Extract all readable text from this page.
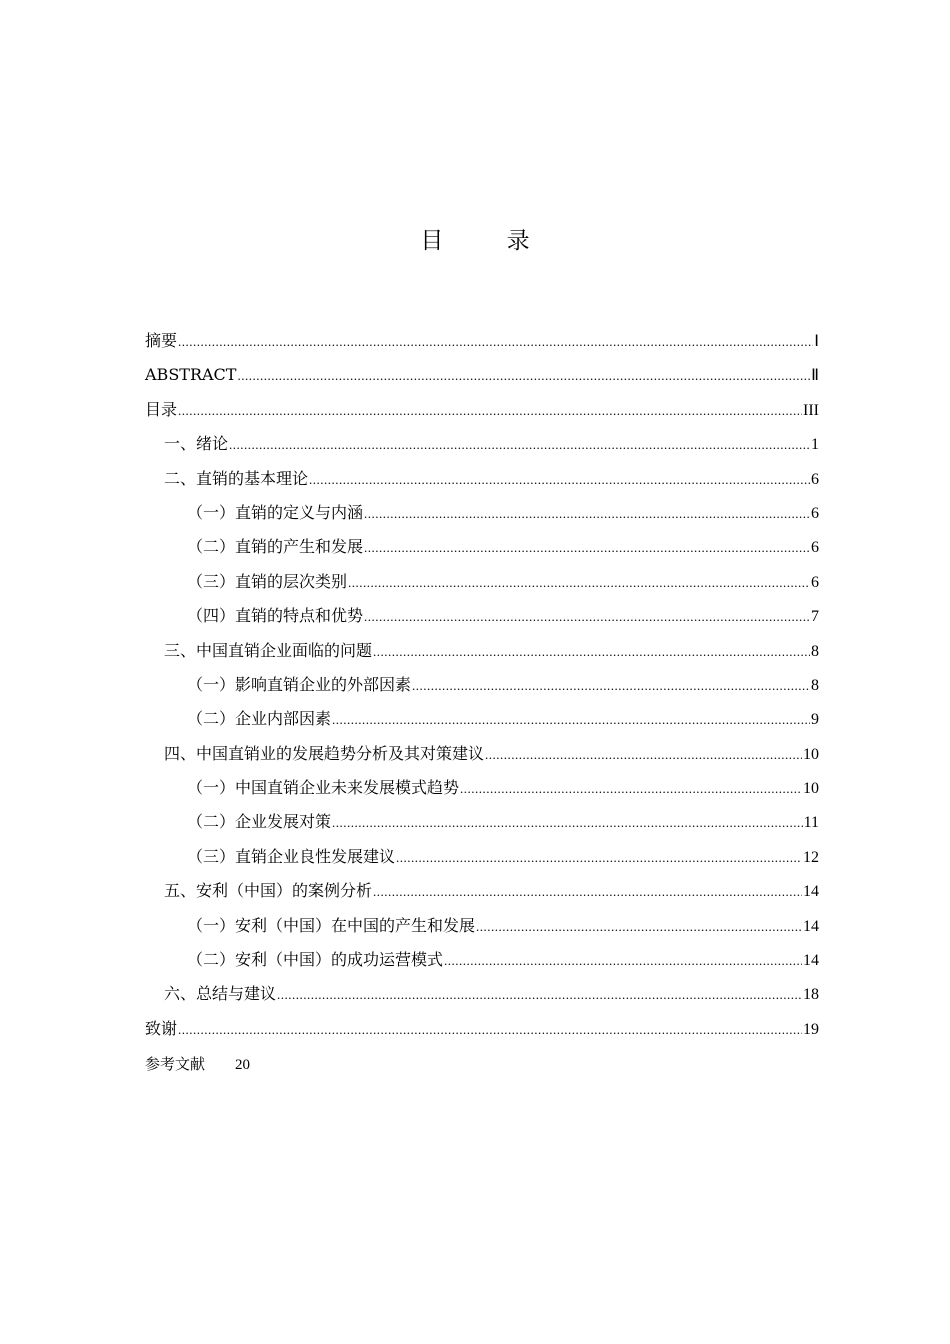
目 录
摘要 .....	Ⅰ
ABSTRACT .....	Ⅱ
目录 .....	III
一、绪论 .....	1
二、直销的基本理论 .....	6
（一）直销的定义与内涵 .....	6
（二）直销的产生和发展 .....	6
（三）直销的层次类别 .....	6
（四）直销的特点和优势 .....	7
三、中国直销企业面临的问题 .....	8
（一）影响直销企业的外部因素 .....	8
（二）企业内部因素 .....	9
四、中国直销业的发展趋势分析及其对策建议 .....	10
（一）中国直销企业未来发展模式趋势 .....	10
（二）企业发展对策 .....	11
（三）直销企业良性发展建议 .....	12
五、安利（中国）的案例分析 .....	14
（一）安利（中国）在中国的产生和发展 .....	14
（二）安利（中国）的成功运营模式 .....	14
六、总结与建议 .....	18
致谢 .....	19
参考文献 20
